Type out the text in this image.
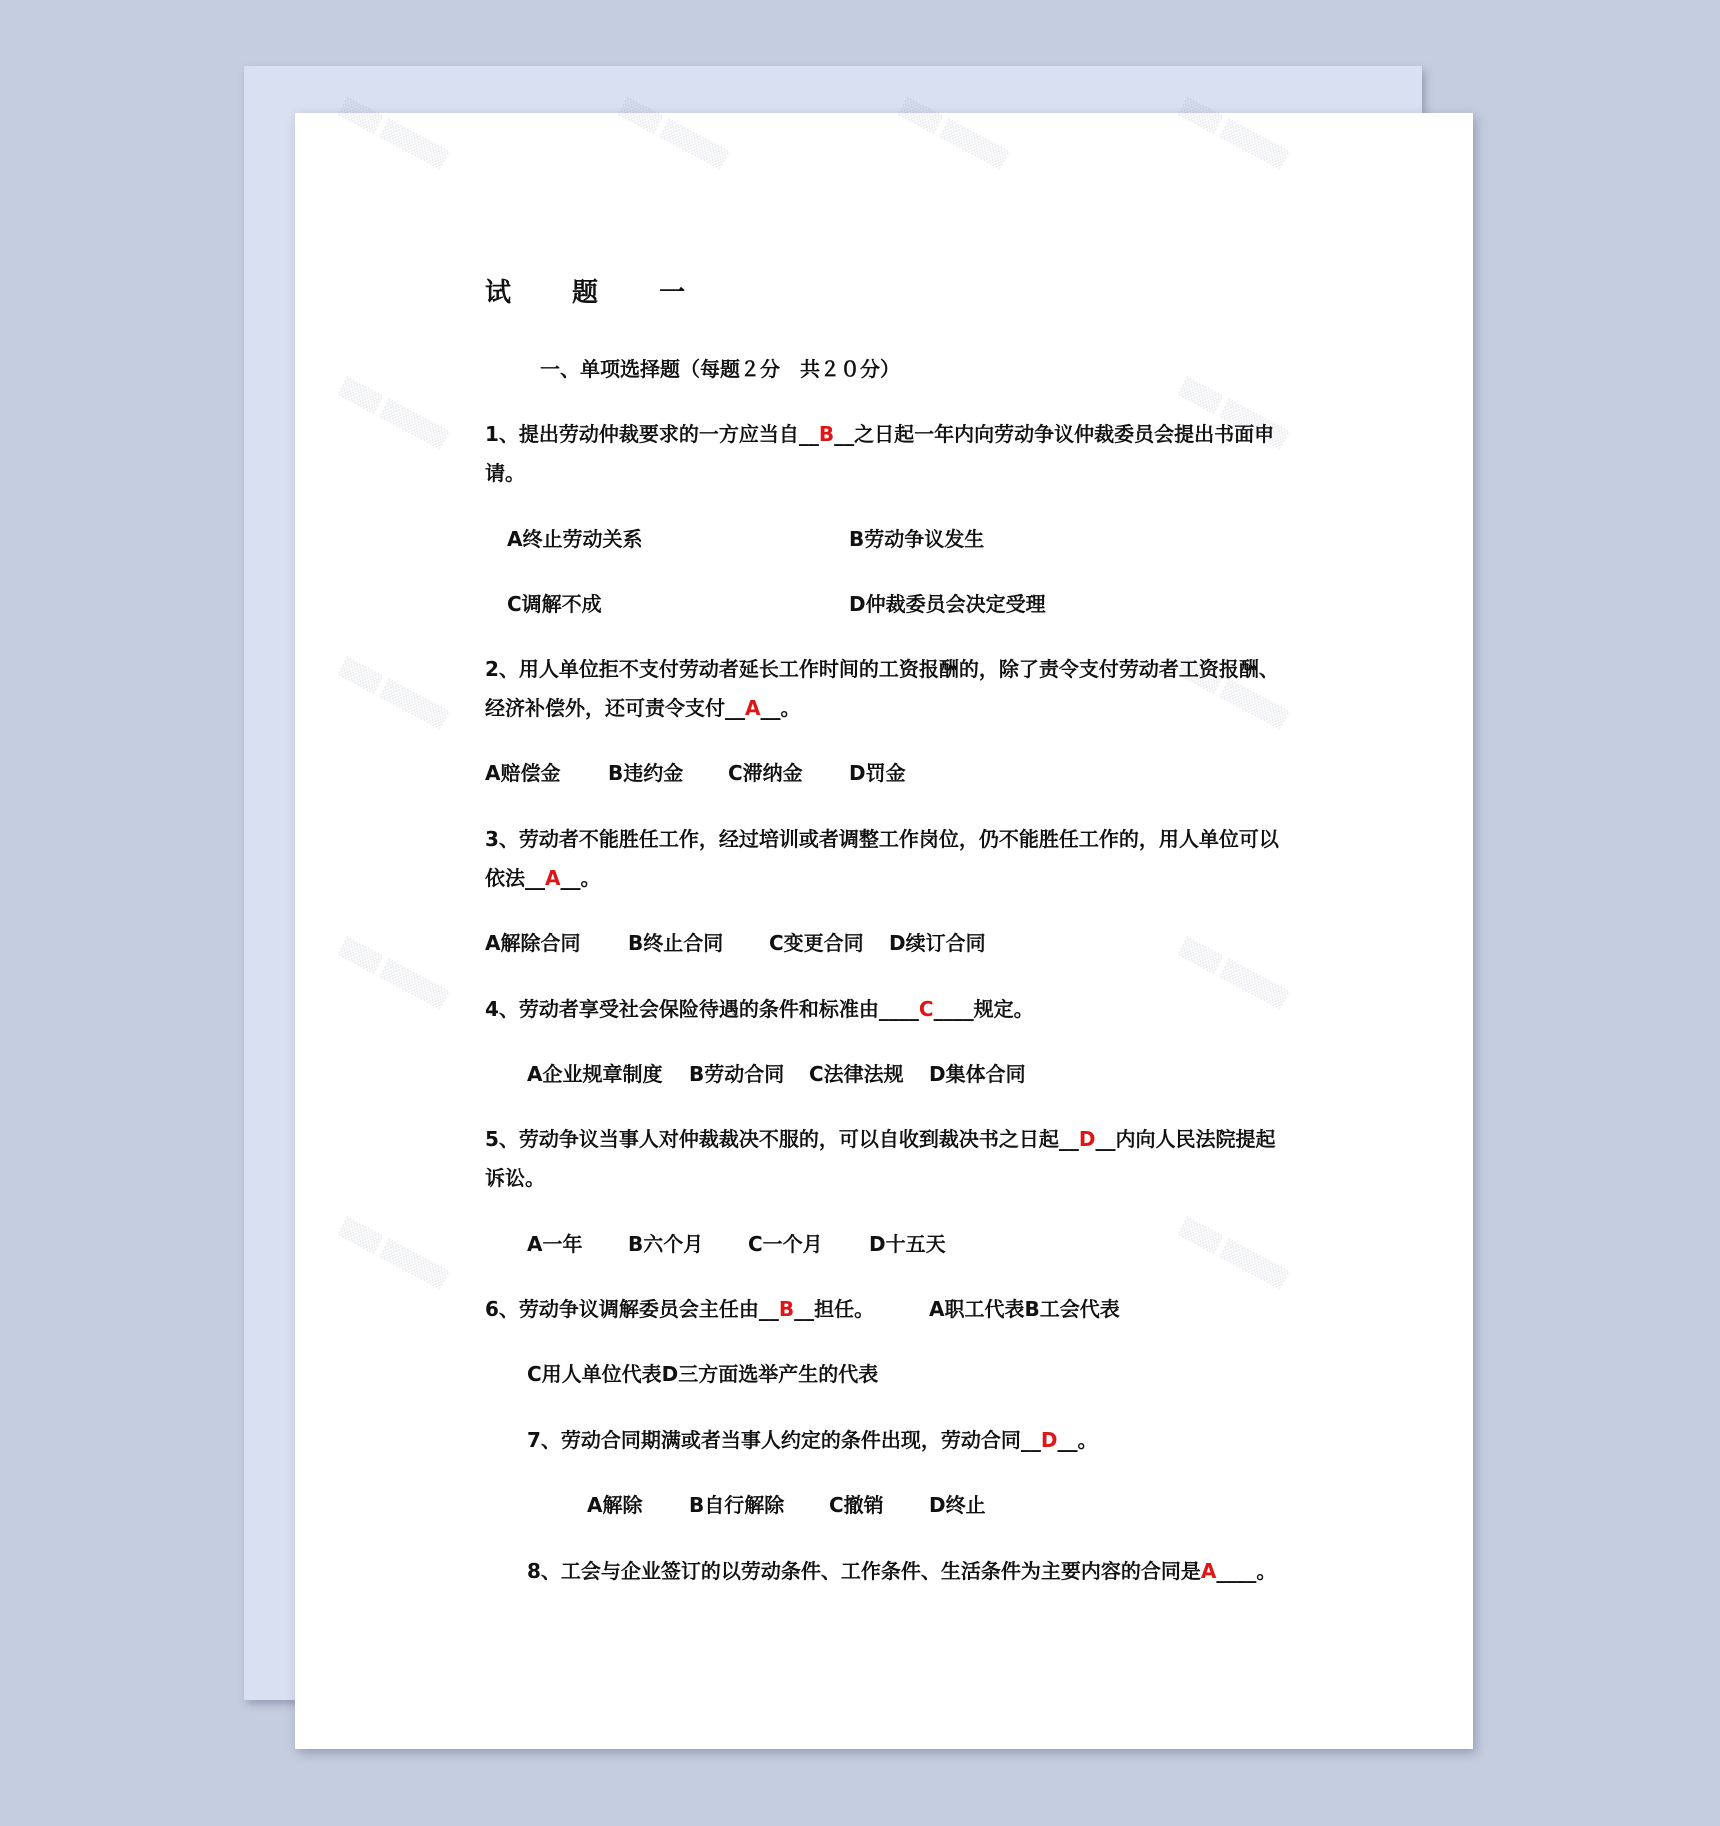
▒▒▒ ▒▒▒▒▒	▒▒▒ ▒▒▒▒▒	▒▒▒ ▒▒▒▒▒	▒▒▒ ▒▒▒▒▒
▒▒▒ ▒▒▒▒▒	▒▒▒ ▒▒▒▒▒
▒▒▒ ▒▒▒▒▒	▒▒▒ ▒▒▒▒▒
▒▒▒ ▒▒▒▒▒	▒▒▒ ▒▒▒▒▒
▒▒▒ ▒▒▒▒▒	▒▒▒ ▒▒▒▒▒
试 题 一
一、单项选择题（每题２分　共２０分）
1、提出劳动仲裁要求的一方应当自__B__之日起一年内向劳动争议仲裁委员会提出书面申
请。
A终止劳动关系	B劳动争议发生
C调解不成	D仲裁委员会决定受理
2、用人单位拒不支付劳动者延长工作时间的工资报酬的，除了责令支付劳动者工资报酬、
经济补偿外，还可责令支付__A__。
A赔偿金 B违约金 C滞纳金 D罚金
3、劳动者不能胜任工作，经过培训或者调整工作岗位，仍不能胜任工作的，用人单位可以
依法__A__。
A解除合同 B终止合同 C变更合同 D续订合同
4、劳动者享受社会保险待遇的条件和标准由____C____规定。
A企业规章制度 B劳动合同 C法律法规 D集体合同
5、劳动争议当事人对仲裁裁决不服的，可以自收到裁决书之日起__D__内向人民法院提起
诉讼。
A一年 B六个月 C一个月 D十五天
6、劳动争议调解委员会主任由__B__担任。	A职工代表B工会代表
C用人单位代表D三方面选举产生的代表
7、劳动合同期满或者当事人约定的条件出现，劳动合同__D__。
A解除 B自行解除 C撤销 D终止
8、工会与企业签订的以劳动条件、工作条件、生活条件为主要内容的合同是A____。
